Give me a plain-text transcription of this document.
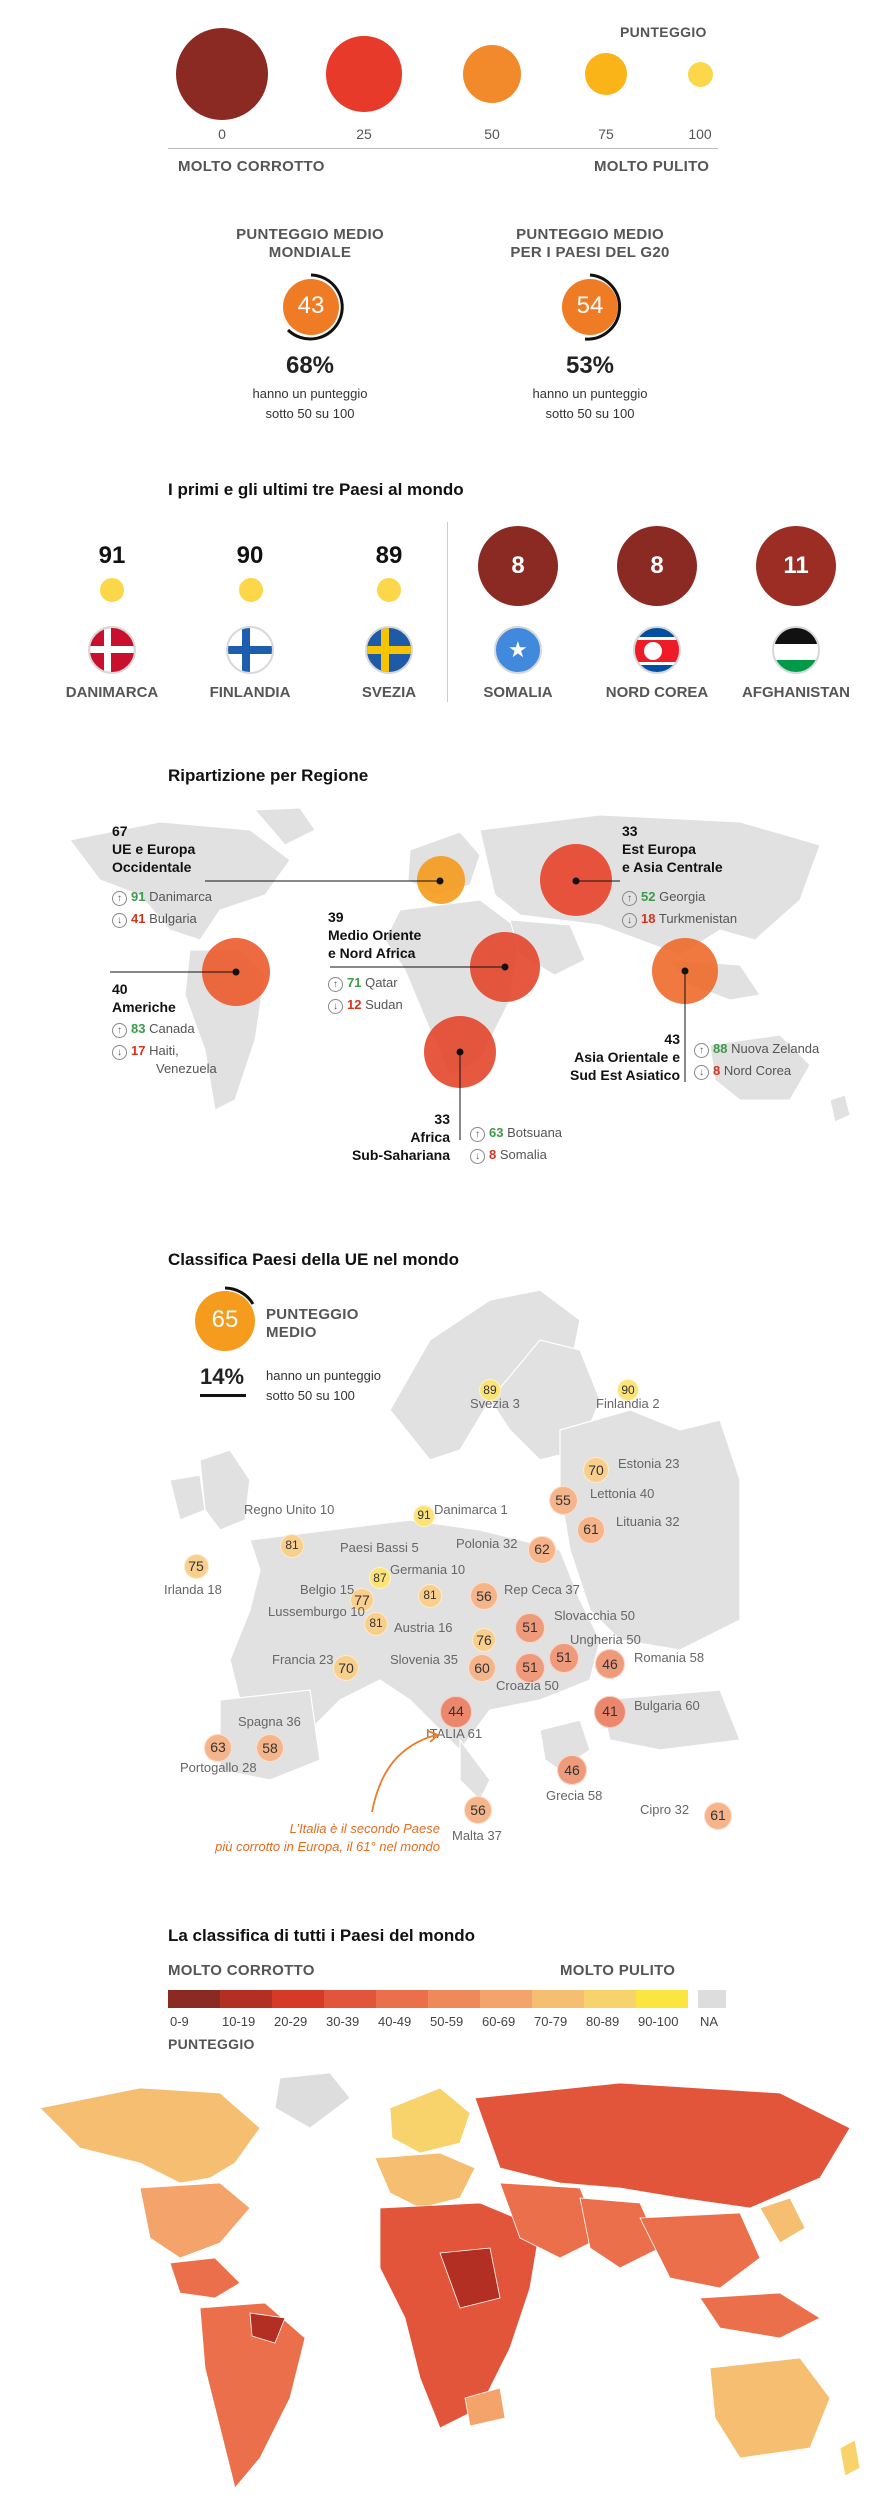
PUNTEGGIO
0	25	50	75	100
MOLTO CORROTTO	MOLTO PULITO
PUNTEGGIO MEDIO
MONDIALE
43
68%
hanno un punteggio
sotto 50 su 100
PUNTEGGIO MEDIO
PER I PAESI DEL G20
54
53%
hanno un punteggio
sotto 50 su 100
I primi e gli ultimi tre Paesi al mondo
91
DANIMARCA
90
FINLANDIA
89
SVEZIA
8
★
SOMALIA
8
NORD COREA
11
AFGHANISTAN
Ripartizione per Regione
67
UE e Europa
Occidentale
↑ 91 Danimarca
↓ 41 Bulgaria
33
Est Europa
e Asia Centrale
↑ 52 Georgia
↓ 18 Turkmenistan
39
Medio Oriente
e Nord Africa
↑ 71 Qatar
↓ 12 Sudan
40
Americhe
↑ 83 Canada
↓ 17 Haiti,
Venezuela
43
Asia Orientale e
Sud Est Asiatico
↑ 88 Nuova Zelanda
↓ 8 Nord Corea
33
Africa
Sub-Sahariana
↑ 63 Botsuana
↓ 8 Somalia
Classifica Paesi della UE nel mondo
65	PUNTEGGIO
MEDIO
14% hanno un punteggio
sotto 50 su 100	89
Svezia 3
90
Finlandia 2
70	Estonia 23
55	Lettonia 40
61	Lituania 32
91 Danimarca 1
81
Regno Unito 10
75
Irlanda 18
62
Polonia 32
87
Paesi Bassi 5
81
Germania 10
77
Belgio 15
81
Lussemburgo 10
56 Rep Ceca 37
51
Slovacchia 50
76
Austria 16
51
Ungheria 50
46	Romania 58
70
Francia 23
60
Slovenia 35	51
Croazia 50
41	Bulgaria 60
44
ITALIA 61
63
Portogallo 28
58
Spagna 36
46
Grecia 58
56
Malta 37
61
Cipro 32
L’Italia è il secondo Paese
più corrotto in Europa, il 61° nel mondo
La classifica di tutti i Paesi del mondo
MOLTO CORROTTO	MOLTO PULITO
0-9	10-19 20-29 30-39 40-49 50-59 60-69 70-79 80-89 90-100 NA
PUNTEGGIO
